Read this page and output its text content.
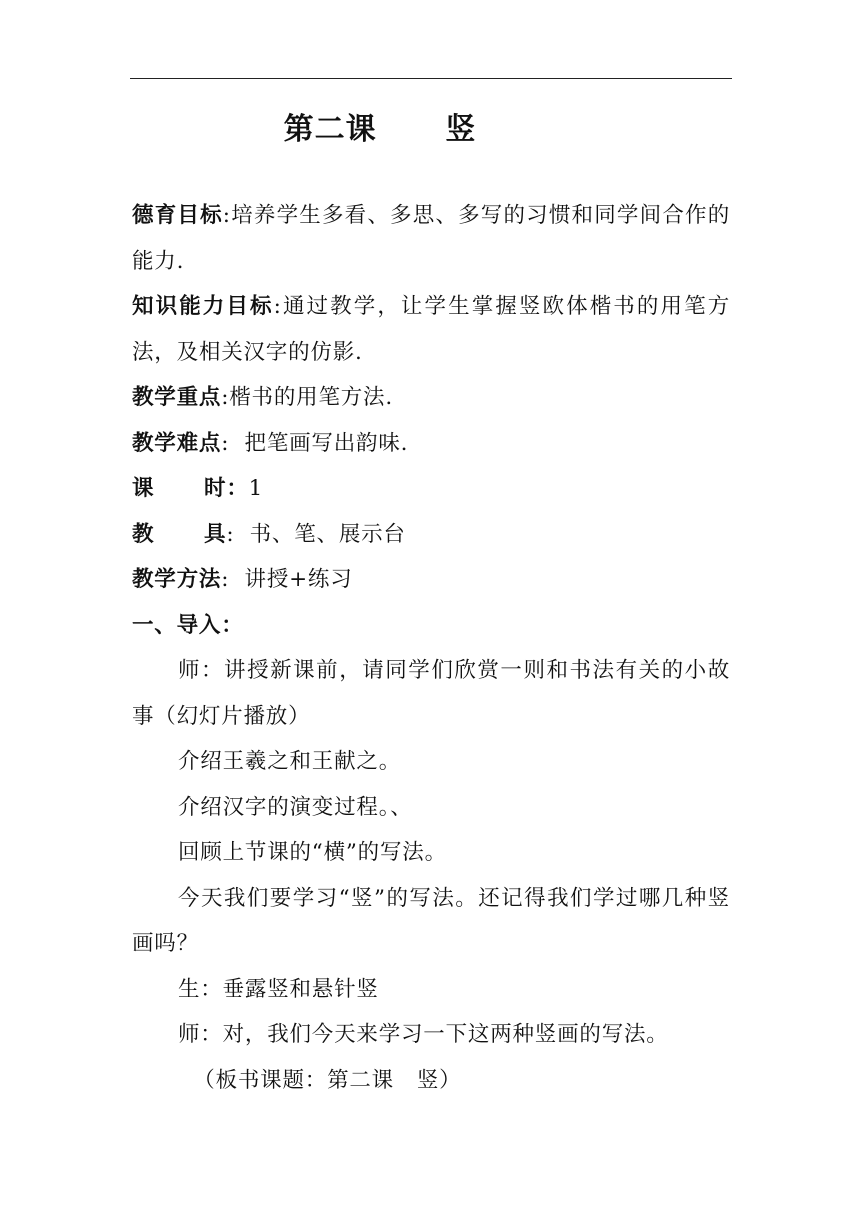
第二课      竖

德育目标:培养学生多看、多思、多写的习惯和同学间合作的能力.

知识能力目标:通过教学，让学生掌握竖欧体楷书的用笔方法，及相关汉字的仿影.

教学重点:楷书的用笔方法.

教学难点:  把笔画写出韵味.

课      时：1

教      具:  书、笔、展示台

教学方法:  讲授+练习

一、导入：

师：讲授新课前，请同学们欣赏一则和书法有关的小故事（幻灯片播放）

介绍王羲之和王献之。

介绍汉字的演变过程。、

回顾上节课的“横”的写法。

今天我们要学习“竖”的写法。还记得我们学过哪几种竖画吗？

生：垂露竖和悬针竖

师：对，我们今天来学习一下这两种竖画的写法。

（板书课题：第二课   竖）
